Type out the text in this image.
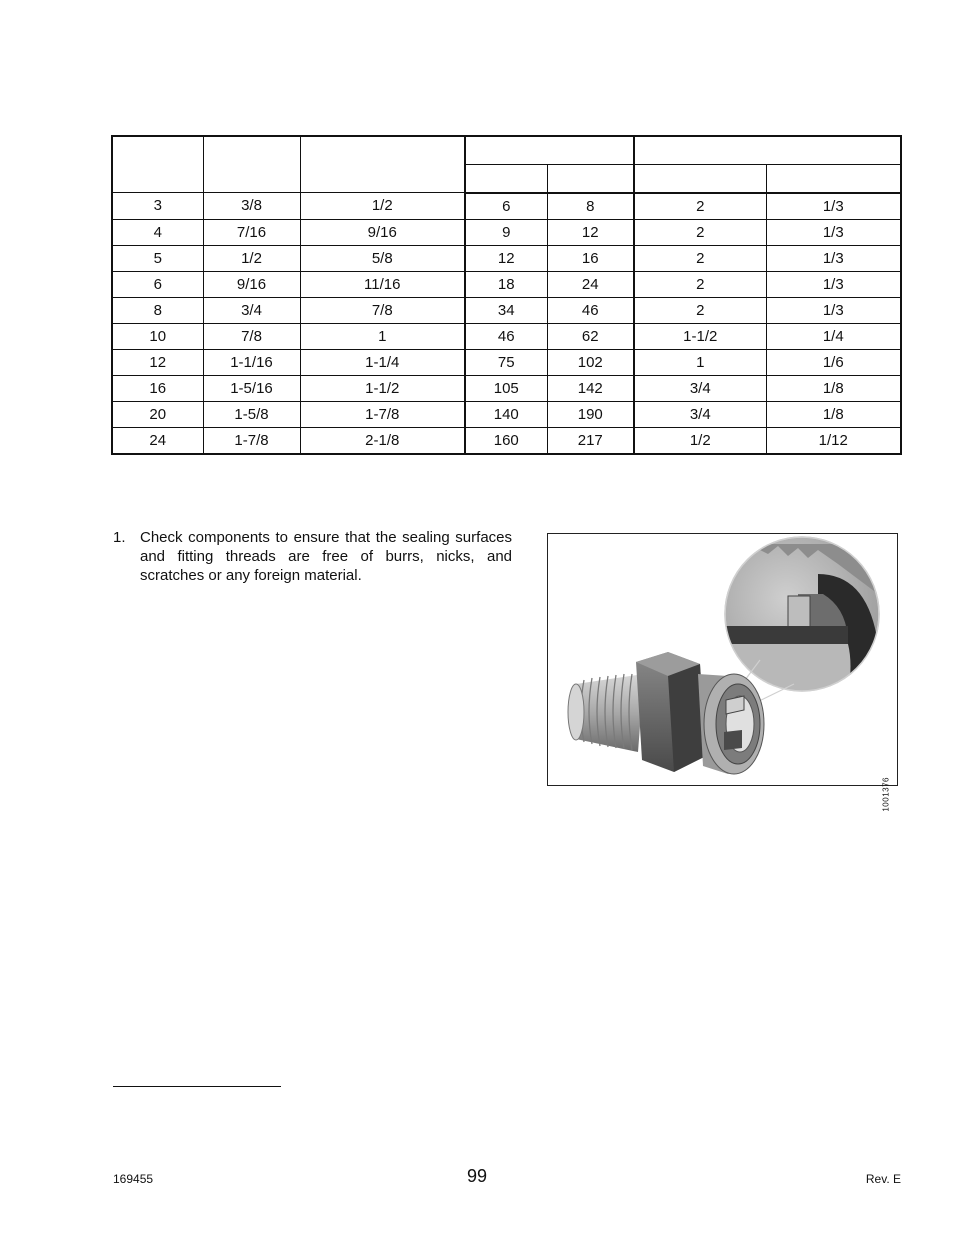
3	3/8	1/2	6	8	2	1/3
4	7/16	9/16	9	12	2	1/3
5	1/2	5/8	12	16	2	1/3
6	9/16	11/16	18	24	2	1/3
8	3/4	7/8	34	46	2	1/3
10	7/8	1	46	62	1-1/2	1/4
12	1-1/16	1-1/4	75	102	1	1/6
16	1-5/16	1-1/2	105	142	3/4	1/8
20	1-5/8	1-7/8	140	190	3/4	1/8
24	1-7/8	2-1/8	160	217	1/2	1/12
1. Check components to ensure that the sealing surfaces and fitting threads are free of burrs, nicks, and scratches or any foreign material.
1001376
169455	99	Rev. E
